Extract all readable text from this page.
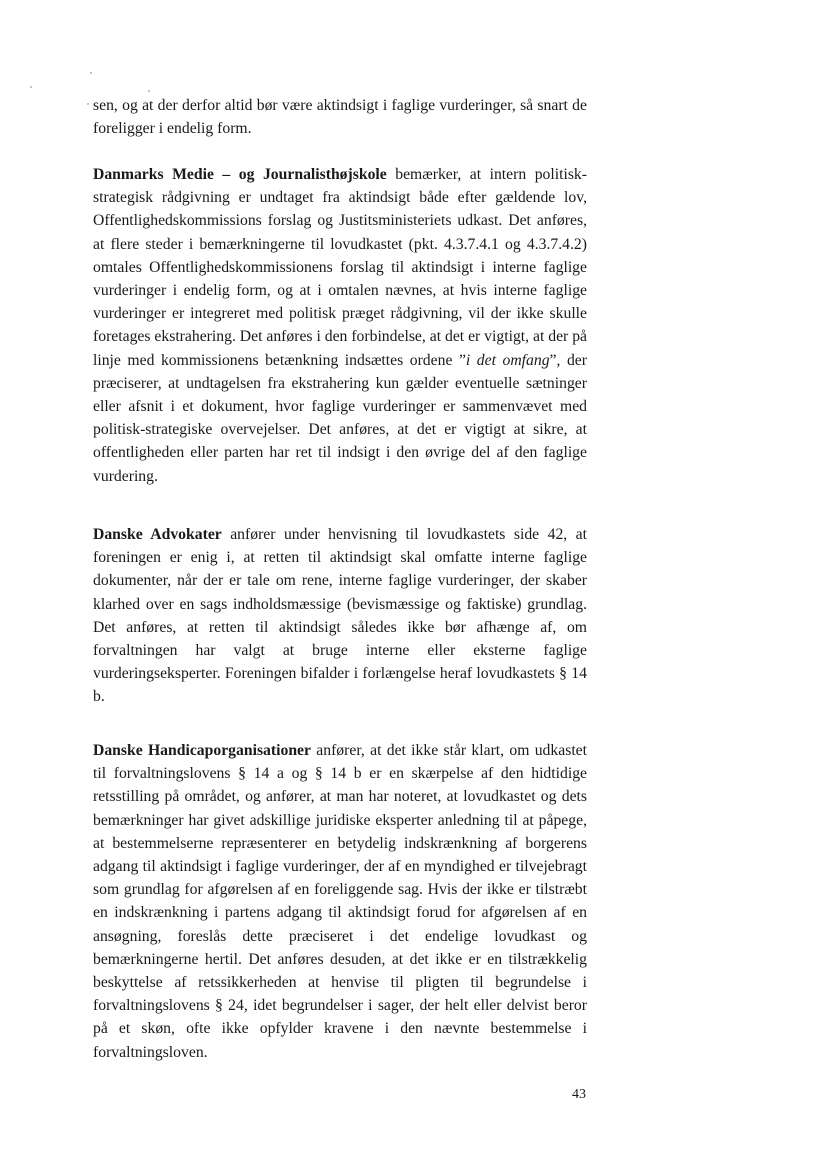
sen, og at der derfor altid bør være aktindsigt i faglige vurderinger, så snart de foreligger i endelig form.

Danmarks Medie – og Journalisthøjskole bemærker, at intern politisk-strategisk rådgivning er undtaget fra aktindsigt både efter gældende lov, Offentlighedskommissions forslag og Justitsministeriets udkast. Det anføres, at flere steder i bemærkningerne til lovudkastet (pkt. 4.3.7.4.1 og 4.3.7.4.2) omtales Offentlighedskommissionens forslag til aktindsigt i interne faglige vurderinger i endelig form, og at i omtalen nævnes, at hvis interne faglige vurderinger er integreret med politisk præget rådgivning, vil der ikke skulle foretages ekstrahering. Det anføres i den forbindelse, at det er vigtigt, at der på linje med kommissionens betænkning indsættes ordene ”i det omfang”, der præciserer, at undtagelsen fra ekstrahering kun gælder eventuelle sætninger eller afsnit i et dokument, hvor faglige vurderinger er sammenvævet med politisk-strategiske overvejelser. Det anføres, at det er vigtigt at sikre, at offentligheden eller parten har ret til indsigt i den øvrige del af den faglige vurdering.

Danske Advokater anfører under henvisning til lovudkastets side 42, at foreningen er enig i, at retten til aktindsigt skal omfatte interne faglige dokumenter, når der er tale om rene, interne faglige vurderinger, der skaber klarhed over en sags indholdsmæssige (bevismæssige og faktiske) grundlag. Det anføres, at retten til aktindsigt således ikke bør afhænge af, om forvaltningen har valgt at bruge interne eller eksterne faglige vurderingseksperter. Foreningen bifalder i forlængelse heraf lovudkastets § 14 b.

Danske Handicaporganisationer anfører, at det ikke står klart, om udkastet til forvaltningslovens § 14 a og § 14 b er en skærpelse af den hidtidige retsstilling på området, og anfører, at man har noteret, at lovudkastet og dets bemærkninger har givet adskillige juridiske eksperter anledning til at påpege, at bestemmelserne repræsenterer en betydelig indskrænkning af borgerens adgang til aktindsigt i faglige vurderinger, der af en myndighed er tilvejebragt som grundlag for afgørelsen af en foreliggende sag. Hvis der ikke er tilstræbt en indskrænkning i partens adgang til aktindsigt forud for afgørelsen af en ansøgning, foreslås dette præciseret i det endelige lovudkast og bemærkningerne hertil. Det anføres desuden, at det ikke er en tilstrækkelig beskyttelse af retssikkerheden at henvise til pligten til begrundelse i forvaltningslovens § 24, idet begrundelser i sager, der helt eller delvist beror på et skøn, ofte ikke opfylder kravene i den nævnte bestemmelse i forvaltningsloven.

43
